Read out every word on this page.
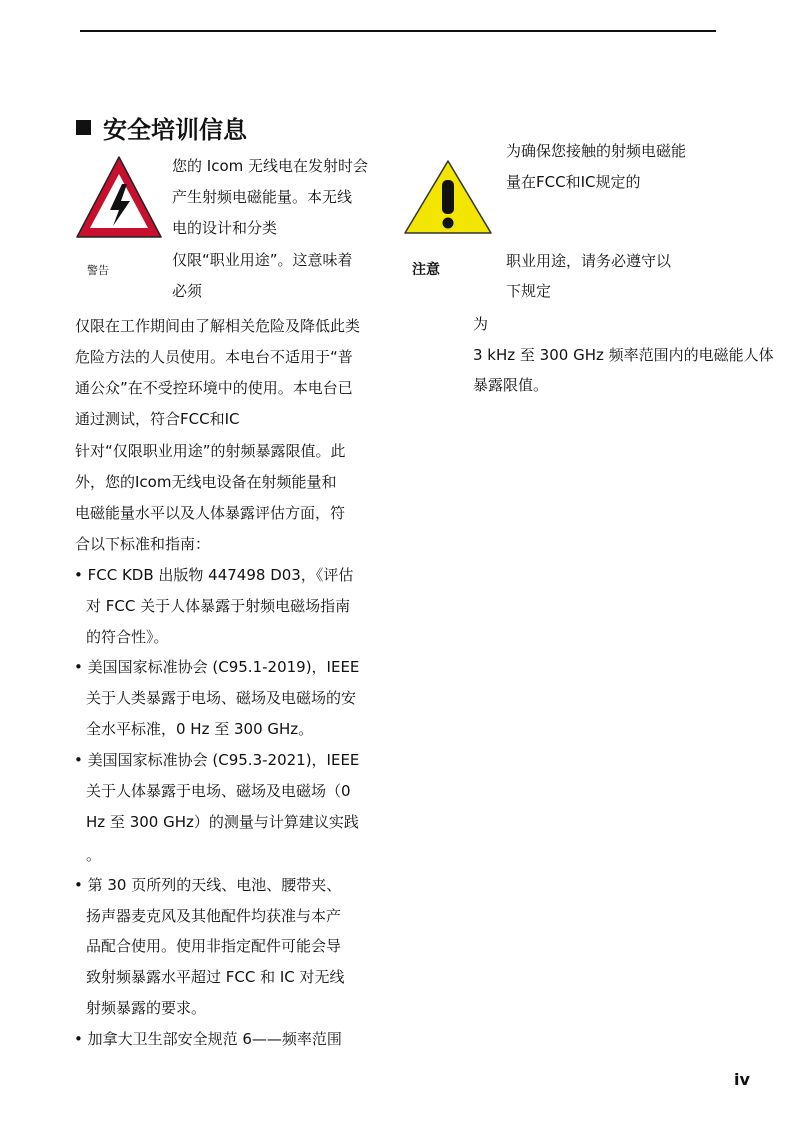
安全培训信息
警告
您的 Icom 无线电在发射时会
产生射频电磁能量。本无线
电的设计和分类
仅限“职业用途”。这意味着
必须
仅限在工作期间由了解相关危险及降低此类
危险方法的人员使用。本电台不适用于“普
通公众”在不受控环境中的使用。本电台已
通过测试，符合FCC和IC
针对“仅限职业用途”的射频暴露限值。此
外，您的Icom无线电设备在射频能量和
电磁能量水平以及人体暴露评估方面，符
合以下标准和指南：
• FCC KDB 出版物 447498 D03，《评估
对 FCC 关于人体暴露于射频电磁场指南
的符合性》。
• 美国国家标准协会 (C95.1-2019)，IEEE
关于人类暴露于电场、磁场及电磁场的安
全水平标准，0 Hz 至 300 GHz。
• 美国国家标准协会 (C95.3-2021)，IEEE
关于人体暴露于电场、磁场及电磁场（0
Hz 至 300 GHz）的测量与计算建议实践
。
• 第 30 页所列的天线、电池、腰带夹、
扬声器麦克风及其他配件均获准与本产
品配合使用。使用非指定配件可能会导
致射频暴露水平超过 FCC 和 IC 对无线
射频暴露的要求。
• 加拿大卫生部安全规范 6——频率范围
注意
为确保您接触的射频电磁能
量在FCC和IC规定的
职业用途，请务必遵守以
下规定
为
3 kHz 至 300 GHz 频率范围内的电磁能人体
暴露限值。
iv
